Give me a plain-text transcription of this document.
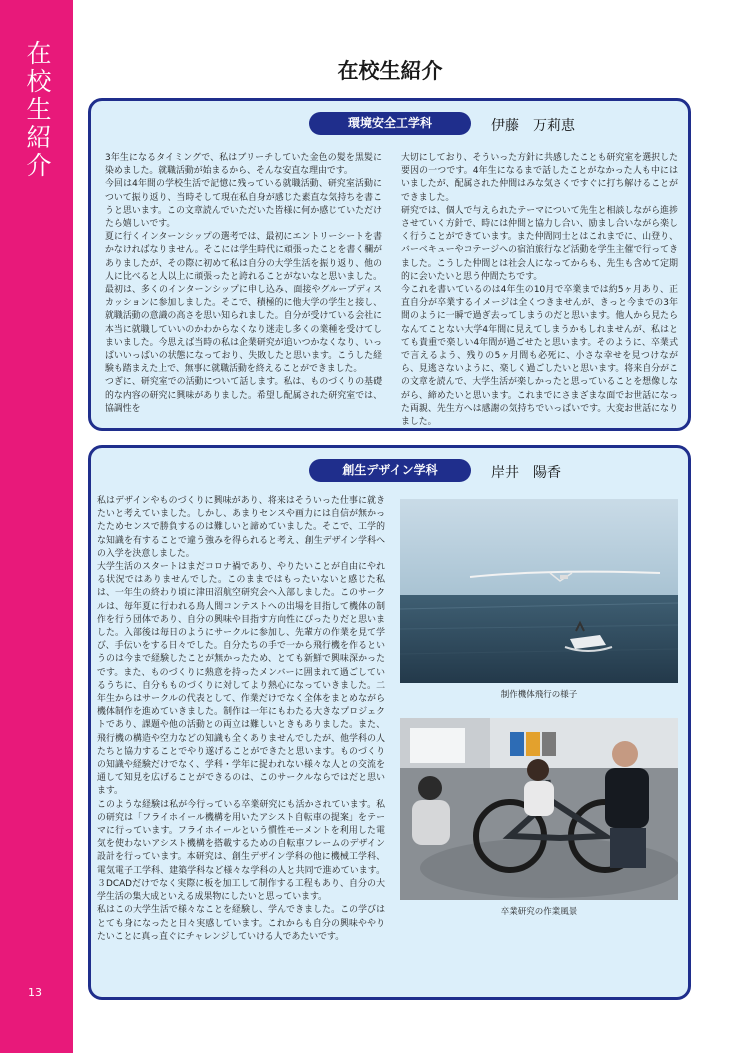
在校生紹介
13
在校生紹介
環境安全工学科	伊藤　万莉恵
3年生になるタイミングで、私はブリーチしていた金色の髪を黒髪に染めました。就職活動が始まるから、そんな安直な理由です。
今回は4年間の学校生活で記憶に残っている就職活動、研究室活動について振り返り、当時そして現在私自身が感じた素直な気持ちを書こうと思います。この文章読んでいただいた皆様に何か感じていただけたら嬉しいです。
夏に行くインターンシップの選考では、最初にエントリーシートを書かなければなりません。そこには学生時代に頑張ったことを書く欄がありましたが、その際に初めて私は自分の大学生活を振り返り、他の人に比べると人以上に頑張ったと誇れることがないなと思いました。最初は、多くのインターンシップに申し込み、面接やグループディスカッションに参加しました。そこで、積極的に他大学の学生と接し、就職活動の意識の高さを思い知られました。自分が受けている会社に本当に就職していいのかわからなくなり迷走し多くの業種を受けてしまいました。今思えば当時の私は企業研究が追いつかなくなり、いっぱいいっぱいの状態になっており、失敗したと思います。こうした経験も踏まえた上で、無事に就職活動を終えることができました。
つぎに、研究室での活動について話します。私は、ものづくりの基礎的な内容の研究に興味がありました。希望し配属された研究室では、協調性を
大切にしており、そういった方針に共感したことも研究室を選択した要因の一つです。4年生になるまで話したことがなかった人も中にはいましたが、配属された仲間はみな気さくですぐに打ち解けることができました。
研究では、個人で与えられたテーマについて先生と相談しながら進捗させていく方針で、時には仲間と協力し合い、励まし合いながら楽しく行うことができています。また仲間同士とはこれまでに、山登り、バーベキューやコテージへの宿泊旅行など活動を学生主催で行ってきました。こうした仲間とは社会人になってからも、先生も含めて定期的に会いたいと思う仲間たちです。
今これを書いているのは4年生の10月で卒業までは約5ヶ月あり、正直自分が卒業するイメージは全くつきませんが、きっと今までの3年間のように一瞬で過ぎ去ってしまうのだと思います。他人から見たらなんてことない大学4年間に見えてしまうかもしれませんが、私はとても貴重で楽しい4年間が過ごせたと思います。そのように、卒業式で言えるよう、残りの5ヶ月間も必死に、小さな幸せを見つけながら、見逃さないように、楽しく過ごしたいと思います。将来自分がこの文章を読んで、大学生活が楽しかったと思っていることを想像しながら、締めたいと思います。これまでにさまざまな面でお世話になった両親、先生方へは感謝の気持ちでいっぱいです。大変お世話になりました。
創生デザイン学科	岸井　陽香
私はデザインやものづくりに興味があり、将来はそういった仕事に就きたいと考えていました。しかし、あまりセンスや画力には自信が無かったためセンスで勝負するのは難しいと諦めていました。そこで、工学的な知識を有することで違う強みを得られると考え、創生デザイン学科への入学を決意しました。
大学生活のスタートはまだコロナ禍であり、やりたいことが自由にやれる状況ではありませんでした。このままではもったいないと感じた私は、一年生の終わり頃に津田沼航空研究会へ入部しました。このサークルは、毎年夏に行われる鳥人間コンテストへの出場を目指して機体の制作を行う団体であり、自分の興味や目指す方向性にぴったりだと思いました。入部後は毎日のようにサークルに参加し、先輩方の作業を見て学び、手伝いをする日々でした。自分たちの手で一から飛行機を作るというのは今まで経験したことが無かったため、とても新鮮で興味深かったです。また、ものづくりに熱意を持ったメンバーに囲まれて過ごしているうちに、自分もものづくりに対してより熱心になっていきました。二年生からはサークルの代表として、作業だけでなく全体をまとめながら機体制作を進めていきました。制作は一年にもわたる大きなプロジェクトであり、課題や他の活動との両立は難しいときもありました。また、飛行機の構造や空力などの知識も全くありませんでしたが、他学科の人たちと協力することでやり遂げることができたと思います。ものづくりの知識や経験だけでなく、学科・学年に捉われない様々な人との交流を通して知見を広げることができるのは、このサークルならではだと思います。
このような経験は私が今行っている卒業研究にも活かされています。私の研究は「フライホイール機構を用いたアシスト自転車の提案」をテーマに行っています。フライホイールという慣性モーメントを利用した電気を使わないアシスト機構を搭載するための自転車フレームのデザイン設計を行っています。本研究は、創生デザイン学科の他に機械工学科、電気電子工学科、建築学科など様々な学科の人と共同で進めています。３DCADだけでなく実際に板を加工して制作する工程もあり、自分の大学生活の集大成といえる成果物にしたいと思っています。
私はこの大学生活で様々なことを経験し、学んできました。この学びはとても身になったと日々実感しています。これからも自分の興味ややりたいことに真っ直ぐにチャレンジしていける人であたいです。
制作機体飛行の様子
卒業研究の作業風景
